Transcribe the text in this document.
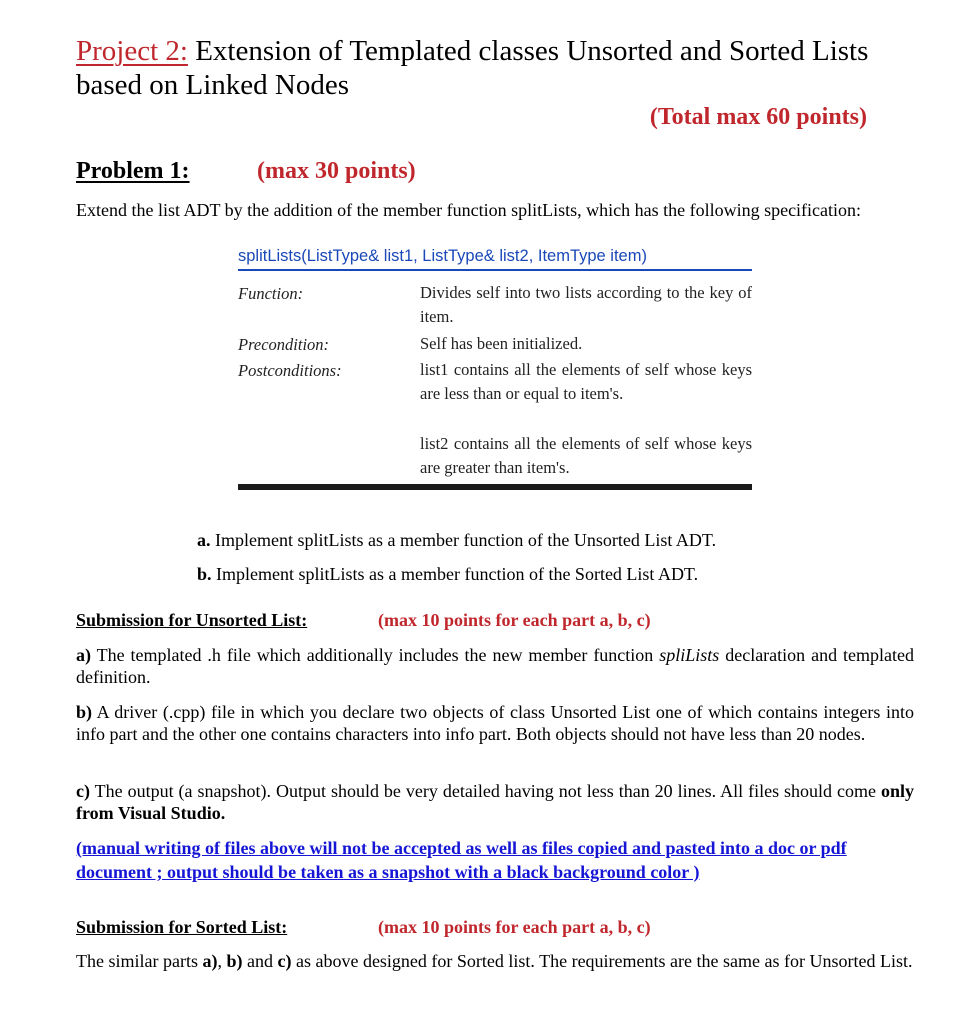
Project 2: Extension of Templated classes Unsorted and Sorted Lists based on Linked Nodes
(Total max 60 points)
Problem 1:	(max 30 points)
Extend the list ADT by the addition of the member function splitLists, which has the following specification:
splitLists(ListType& list1, ListType& list2, ItemType item)
Function:	Divides self into two lists according to the key of item.
Precondition:	Self has been initialized.
Postconditions:	list1 contains all the elements of self whose keys are less than or equal to item's.
list2 contains all the elements of self whose keys are greater than item's.
a. Implement splitLists as a member function of the Unsorted List ADT.
b. Implement splitLists as a member function of the Sorted List ADT.
Submission for Unsorted List:	(max 10 points for each part a, b, c)
a) The templated .h file which additionally includes the new member function spliLists declaration and templated definition.
b) A driver (.cpp) file in which you declare two objects of class Unsorted List one of which contains integers into info part and the other one contains characters into info part. Both objects should not have less than 20 nodes.
c) The output (a snapshot). Output should be very detailed having not less than 20 lines. All files should come only from Visual Studio.
(manual writing of files above will not be accepted as well as files copied and pasted into a doc or pdf document ; output should be taken as a snapshot with a black background color )
Submission for Sorted List:	(max 10 points for each part a, b, c)
The similar parts a), b) and c) as above designed for Sorted list. The requirements are the same as for Unsorted List.
